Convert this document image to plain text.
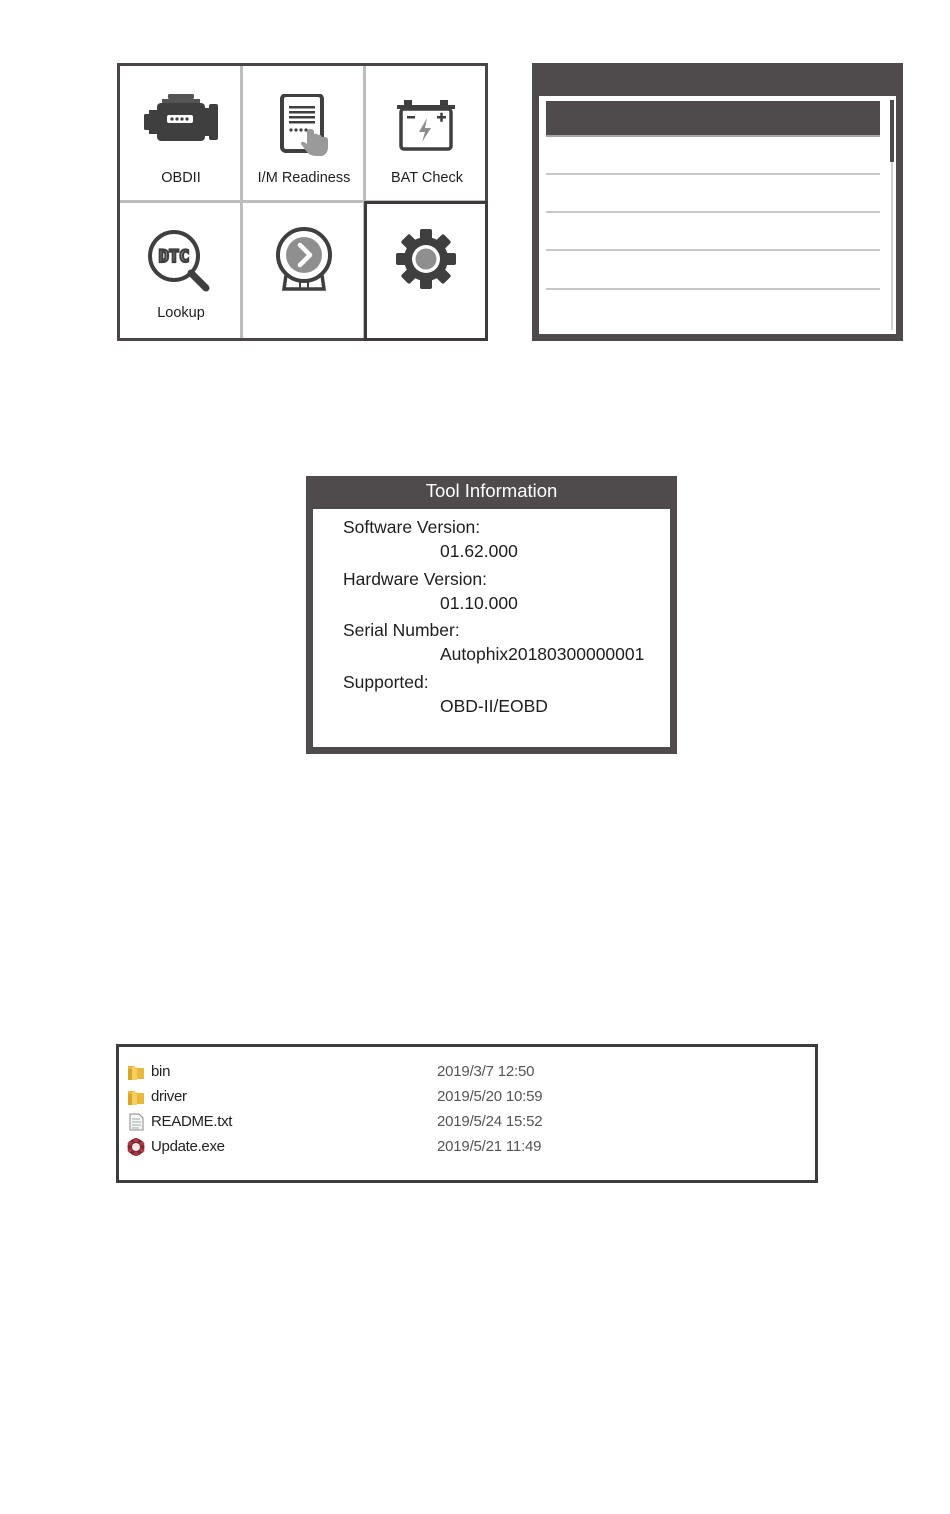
OBDII	I/M Readiness	BAT Check
DTC
Lookup
Tool Information
Software Version:
01.62.000
Hardware Version:
01.10.000
Serial Number:
Autophix20180300000001
Supported:
OBD-II/EOBD
bin	2019/3/7 12:50
driver	2019/5/20 10:59
README.txt	2019/5/24 15:52
Update.exe	2019/5/21 11:49
